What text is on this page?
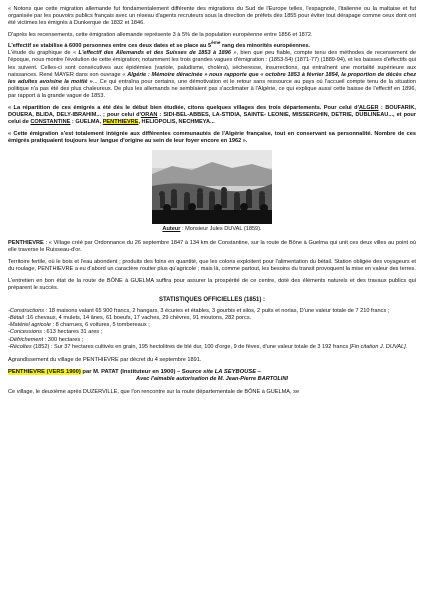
« Notons que cette migration allemande fut fondamentalement différente des migrations du Sud de l'Europe telles, l'espagnole, l'italienne ou la maltaise et fut organisée par les pouvoirs publics français avec un réseau d'agents recruteurs sous la direction de préfets dès 1855 pour éviter tout dérapage comme ceux dont ont été victimes les émigrés à Dunkerque de 1832 et 1846.

D'après les recensements, cette émigration allemande représente 3 à 5% de la population européenne entre 1856 et 1872.

L'effectif se stabilise à 6000 personnes entre ces deux dates et se place au 5ème rang des minorités européennes.

L'étude du graphique de « L'effectif des Allemands et des Suisses de 1853 à 1896 », bien que peu fiable, compte tenu des méthodes de recensement de l'époque, nous montre l'évolution de cette émigration; notamment les trois grandes vagues d'émigration : (1853-54) (1871-77) (1889-94), et les baisses d'effectifs qui les suivent. Celles-ci sont consécutives aux épidémies (variole, paludisme, choléra), sécheresse, insurrections, qui entraînent une mortalité supérieure aux naissances. René MAYER dans son ouvrage « Algérie : Mémoire déracinée » nous rapporte que « octobre 1853 à février 1854, la proportion de décès chez les adultes avoisine la moitié »... Ce qui entraîna pour certains, une démotivation et le retour sans ressource au pays où l'accueil compte tenu de la situation politique n'a pas été des plus chaleureux. De plus les allemands ne semblaient pas s'acclimater à l'Algérie, ce qui explique aussi cette baisse de l'effectif en 1896, par rapport à la grande vague de 1853.

« La répartition de ces émigrés a été dès le début bien étudiée, citons quelques villages des trois départements. Pour celui d'ALGER : BOUFARIK, DOUERA, BLIDA, DELY-IBRAHIM... ; pour celui d'ORAN : SIDI-BEL-ABBES, LA-STIDIA, SAINTE- LEONIE, MISSERGHIN, DETRIE, DUBLINEAU..., et pour celui de CONSTANTINE : GUELMA, PENTHIEVRE, HELIOPOLIS, NECHMEYA...

« Cette émigration s'est totalement intégrée aux différentes communautés de l'Algérie française, tout en conservant sa personnalité. Nombre de ces émigrés pratiquaient toujours leur langue d'origine au sein de leur foyer encore en 1962 ».

Auteur : Monsieur Jules DUVAL (1859).

PENTHIEVRE : « Village créé par Ordonnance du 26 septembre 1847 à 134 km de Constantine, sur la route de Bône à Guelma qui unit ces deux villes au point où elle traverse le Ruisseau-d'or.

Territoire fertile, où le bois et l'eau abondent ; produits des foins en quantité, que les colons exploitent pour l'alimentation du bétail. Station obligée des voyageurs et du roulage, PENTHIEVRE a eu d'abord un caractère routier plus qu'agricole ; mais là, comme partout, les besoins du transit provoquent la mise en valeur des terres.

L'entretien en bon état de la route de BÔNE à GUELMA suffira pour assurer la prospérité de ce centre, doté des éléments naturels et des travaux publics qui préparent le succès.

STATISTIQUES OFFICIELLES (1851) :
-Constructions : 18 maisons valant 65 900 francs, 2 hangars, 3 écuries et étables, 3 gourbis et silos, 2 puits et norias, D'une valeur totale de 7 210 francs ;
-Bétail :16 chevaux, 4 mulets, 14 ânes, 61 boeufs, 17 vaches, 29 chèvres, 91 moutons, 282 porcs.
-Matériel agricole : 8 charrues, 6 voitures, 5 tombereaux ;
-Concessions : 613 hectares 31 ares ;
-Défrichement : 300 hectares ;
-Récoltes (1852) : Sur 37 hectares cultivés en grain, 195 hectolitres de blé dur, 100 d'orge, 9 de fèves, d'une valeur totale de 3 192 francs [Fin citation J. DUVAL].

Agrandissement du village de PENTHIEVRE par décret du 4 septembre 1891.

PENTHIEVRE (VERS 1900) par M. PATAT (Instituteur en 1900) – Source site LA SEYBOUSE –

Avec l'aimable autorisation de M. Jean-Pierre BARTOLINI

Ce village, le deuxième après DUZERVILLE, que l'on rencontre sur la route départementale de BÔNE à GUELMA, se
